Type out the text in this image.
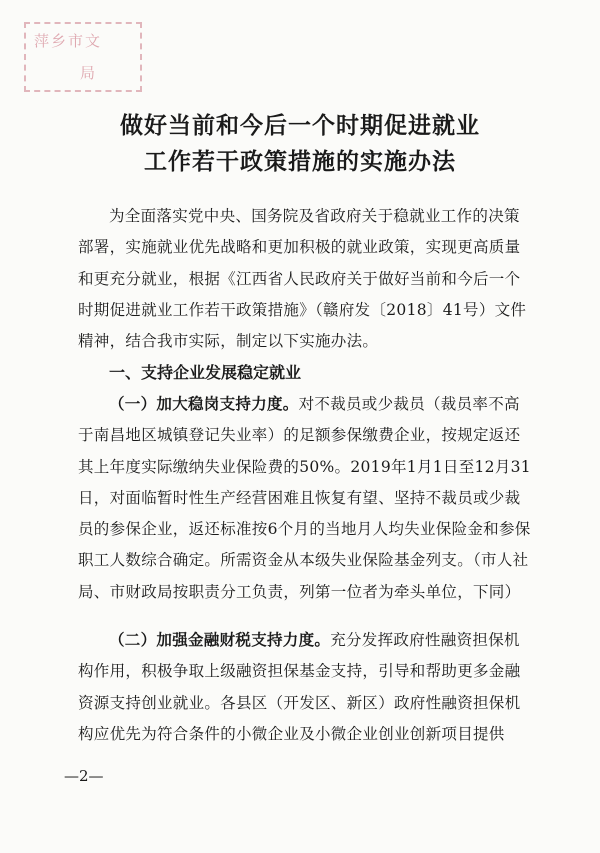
萍乡市文
局
做好当前和今后一个时期促进就业
工作若干政策措施的实施办法
为全面落实党中央、国务院及省政府关于稳就业工作的决策部署，实施就业优先战略和更加积极的就业政策，实现更高质量和更充分就业，根据《江西省人民政府关于做好当前和今后一个时期促进就业工作若干政策措施》（赣府发〔2018〕41号）文件精神，结合我市实际，制定以下实施办法。
一、支持企业发展稳定就业
（一）加大稳岗支持力度。对不裁员或少裁员（裁员率不高于南昌地区城镇登记失业率）的足额参保缴费企业，按规定返还其上年度实际缴纳失业保险费的50%。2019年1月1日至12月31日，对面临暂时性生产经营困难且恢复有望、坚持不裁员或少裁员的参保企业，返还标准按6个月的当地月人均失业保险金和参保职工人数综合确定。所需资金从本级失业保险基金列支。（市人社局、市财政局按职责分工负责，列第一位者为牵头单位，下同）
（二）加强金融财税支持力度。充分发挥政府性融资担保机构作用，积极争取上级融资担保基金支持，引导和帮助更多金融资源支持创业就业。各县区（开发区、新区）政府性融资担保机构应优先为符合条件的小微企业及小微企业创业创新项目提供
—2—
